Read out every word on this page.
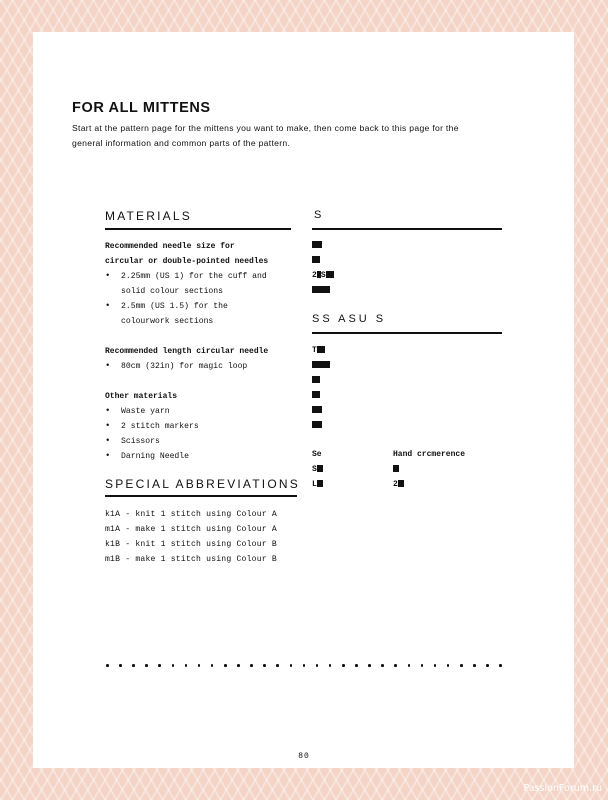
FOR ALL MITTENS
Start at the pattern page for the mittens you want to make, then come back to this page for the general information and common parts of the pattern.
MATERIALS
Recommended needle size for
circular or double-pointed needles
• 2.25mm (US 1) for the cuff and
solid colour sections
• 2.5mm (US 1.5) for the
colourwork sections
Recommended length circular needle
• 80cm (32in) for magic loop
Other materials
• Waste yarn
• 2 stitch markers
• Scissors
• Darning Needle
SPECIAL ABBREVIATIONS
k1A - knit 1 stitch using Colour A
m1A - make 1 stitch using Colour A
k1B - knit 1 stitch using Colour B
m1B - make 1 stitch using Colour B
S
2 S
SS ASU S
T
Se	Hand crcmerence
S
L	2
80
PassionForum.ru
